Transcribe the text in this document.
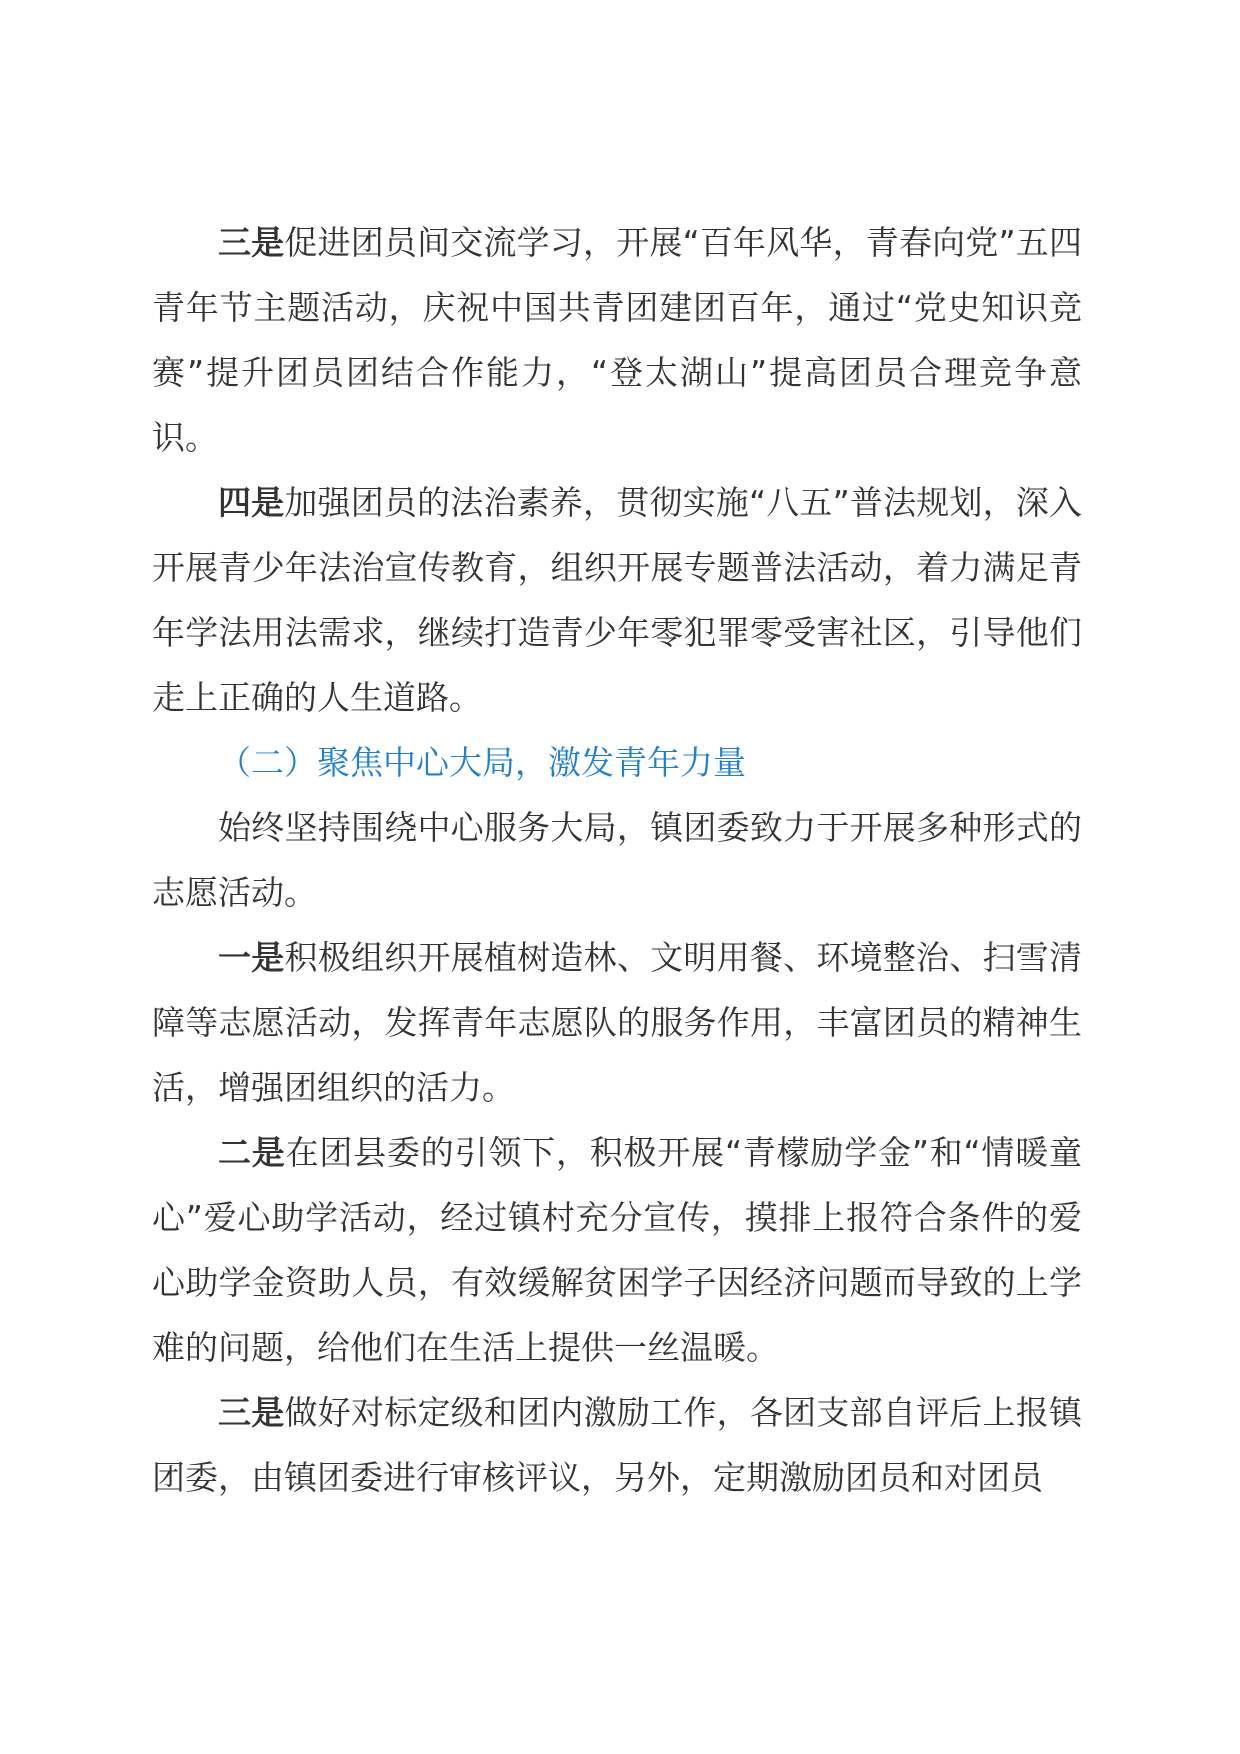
三是促进团员间交流学习，开展“百年风华，青春向党”五四青年节主题活动，庆祝中国共青团建团百年，通过“党史知识竞赛”提升团员团结合作能力，“登太湖山”提高团员合理竞争意识。

四是加强团员的法治素养，贯彻实施“八五”普法规划，深入开展青少年法治宣传教育，组织开展专题普法活动，着力满足青年学法用法需求，继续打造青少年零犯罪零受害社区，引导他们走上正确的人生道路。

（二）聚焦中心大局，激发青年力量

始终坚持围绕中心服务大局，镇团委致力于开展多种形式的志愿活动。

一是积极组织开展植树造林、文明用餐、环境整治、扫雪清障等志愿活动，发挥青年志愿队的服务作用，丰富团员的精神生活，增强团组织的活力。

二是在团县委的引领下，积极开展“青檬励学金”和“情暖童心”爱心助学活动，经过镇村充分宣传，摸排上报符合条件的爱心助学金资助人员，有效缓解贫困学子因经济问题而导致的上学难的问题，给他们在生活上提供一丝温暖。

三是做好对标定级和团内激励工作，各团支部自评后上报镇团委，由镇团委进行审核评议，另外，定期激励团员和对团员
